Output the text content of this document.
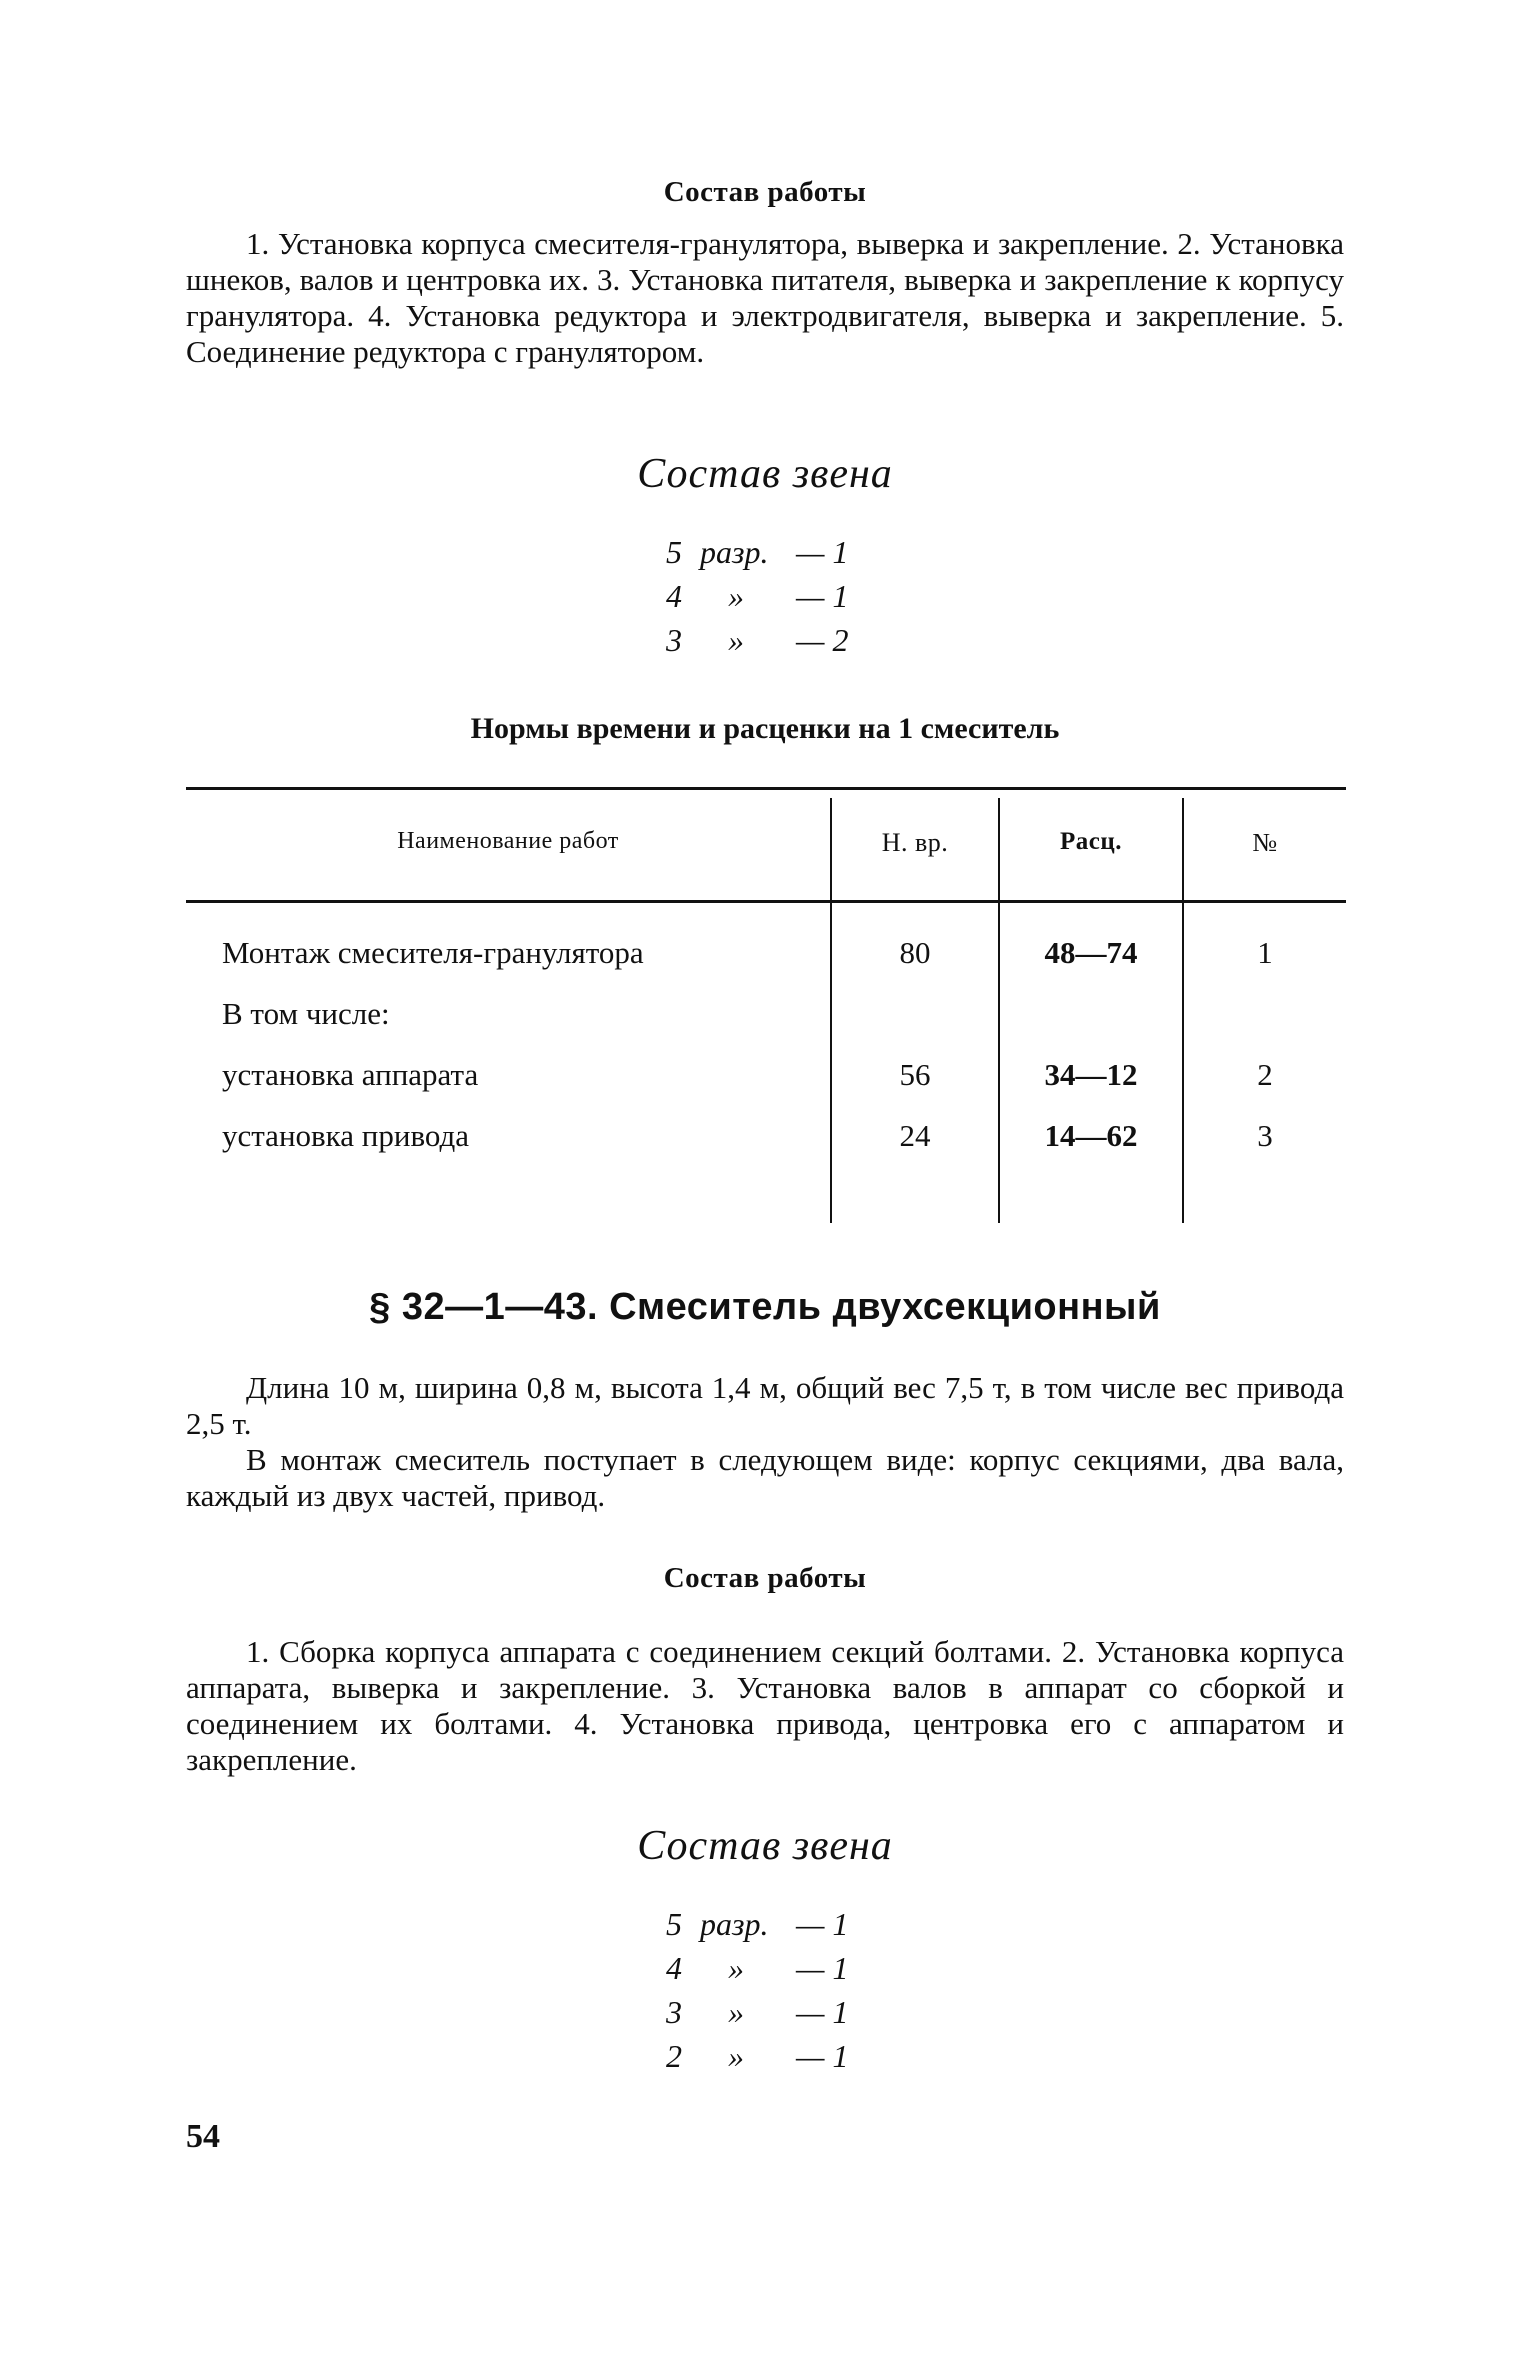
Состав работы

1. Установка корпуса смесителя-гранулятора, выверка и закрепление. 2. Установка шнеков, валов и центровка их. 3. Установка питателя, выверка и закрепление к корпусу гранулятора. 4. Установка редуктора и электродвигателя, выверка и закрепление. 5. Соединение редуктора с гранулятором.

Состав звена
5 разр. — 1
4 » — 1
3 » — 2
Нормы времени и расценки на 1 смеситель
Наименование работ	Н. вр.	Расц.	№
Монтаж смесителя-гранулятора	80	48—74	1
В том числе:
установка аппарата	56	34—12	2
установка привода	24	14—62	3
§ 32—1—43. Смеситель двухсекционный

Длина 10 м, ширина 0,8 м, высота 1,4 м, общий вес 7,5 т, в том числе вес привода 2,5 т.

В монтаж смеситель поступает в следующем виде: корпус секциями, два вала, каждый из двух частей, привод.

Состав работы

1. Сборка корпуса аппарата с соединением секций болтами. 2. Установка корпуса аппарата, выверка и закрепление. 3. Установка валов в аппарат со сборкой и соединением их болтами. 4. Установка привода, центровка его с аппаратом и закрепление.

Состав звена
5 разр. — 1
4 » — 1
3 » — 1
2 » — 1
54
